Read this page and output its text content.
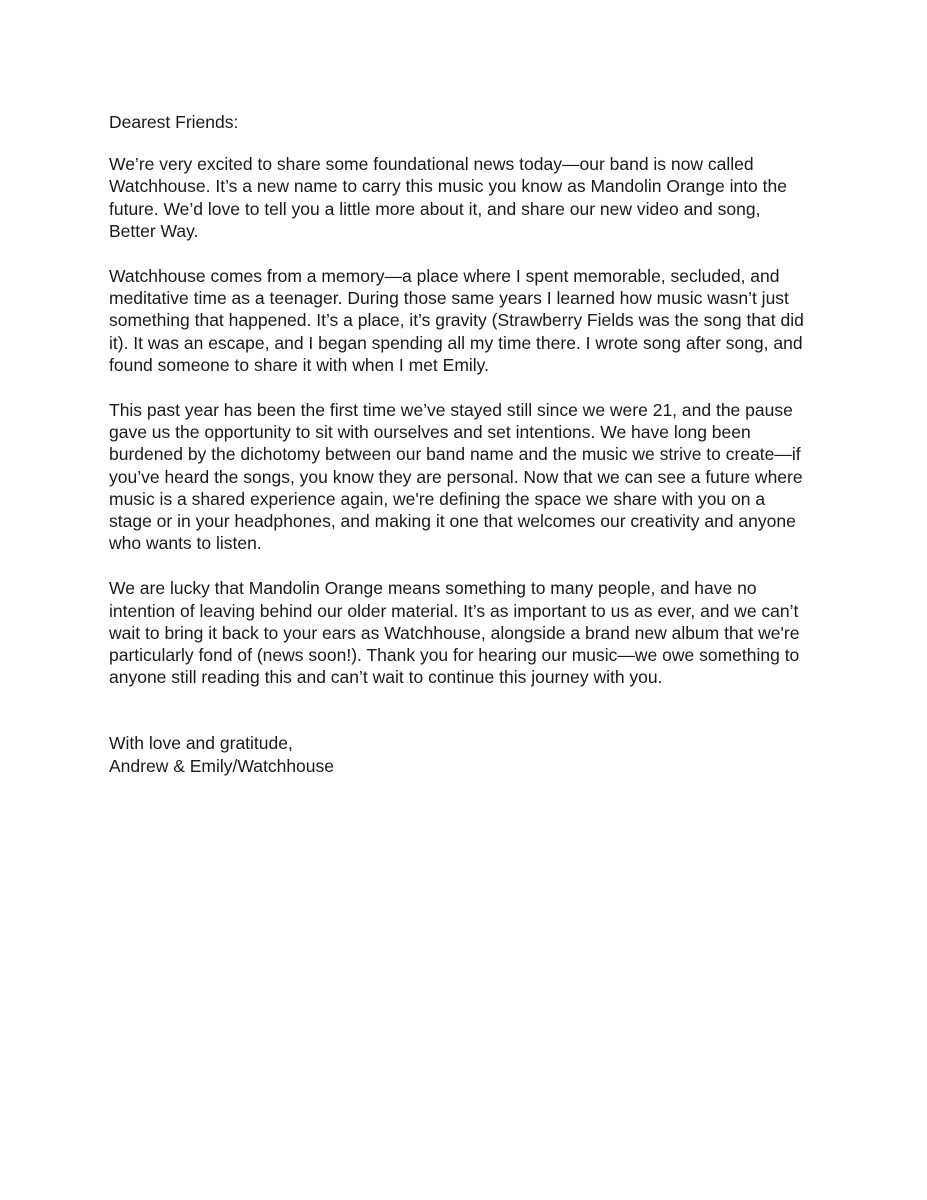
Dearest Friends:
We’re very excited to share some foundational news today—our band is now called
Watchhouse. It’s a new name to carry this music you know as Mandolin Orange into the
future. We’d love to tell you a little more about it, and share our new video and song,
Better Way.
Watchhouse comes from a memory—a place where I spent memorable, secluded, and
meditative time as a teenager. During those same years I learned how music wasn’t just
something that happened. It’s a place, it’s gravity (Strawberry Fields was the song that did
it). It was an escape, and I began spending all my time there. I wrote song after song, and
found someone to share it with when I met Emily.
This past year has been the first time we’ve stayed still since we were 21, and the pause
gave us the opportunity to sit with ourselves and set intentions. We have long been
burdened by the dichotomy between our band name and the music we strive to create—if
you’ve heard the songs, you know they are personal. Now that we can see a future where
music is a shared experience again, we're defining the space we share with you on a
stage or in your headphones, and making it one that welcomes our creativity and anyone
who wants to listen.
We are lucky that Mandolin Orange means something to many people, and have no
intention of leaving behind our older material. It’s as important to us as ever, and we can’t
wait to bring it back to your ears as Watchhouse, alongside a brand new album that we're
particularly fond of (news soon!). Thank you for hearing our music—we owe something to
anyone still reading this and can’t wait to continue this journey with you.
With love and gratitude,
Andrew & Emily/Watchhouse
